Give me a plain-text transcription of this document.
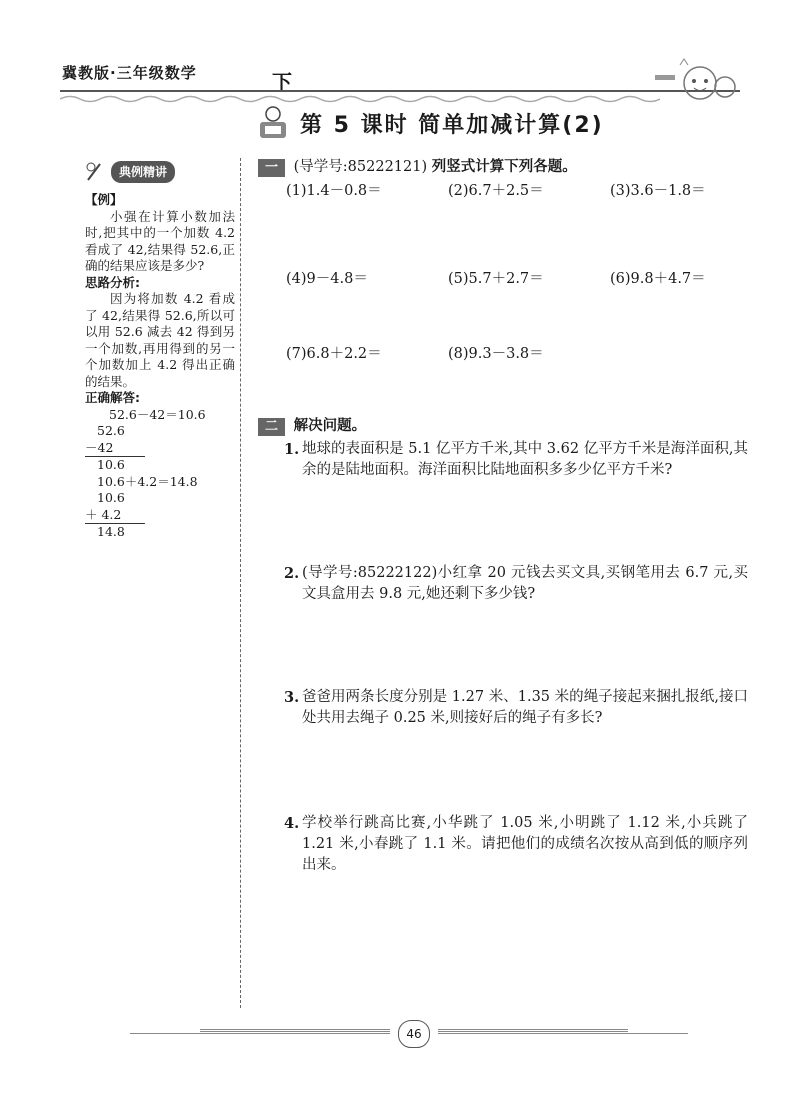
冀教版·三年级数学	下
第 5 课时 简单加减计算(2)
典例精讲

【例】

小强在计算小数加法时,把其中的一个加数 4.2 看成了 42,结果得 52.6,正确的结果应该是多少?

思路分析:

因为将加数 4.2 看成了 42,结果得 52.6,所以可以用 52.6 减去 42 得到另一个加数,再用得到的另一个加数加上 4.2 得出正确的结果。

正确解答:

52.6－42＝10.6

52.6

－42

10.6

10.6＋4.2＝14.8

10.6

＋ 4.2

14.8

一 (导学号:85222121) 列竖式计算下列各题。
(1)1.4－0.8＝	(2)6.7＋2.5＝	(3)3.6－1.8＝
(4)9－4.8＝	(5)5.7＋2.7＝	(6)9.8＋4.7＝
(7)6.8＋2.2＝	(8)9.3－3.8＝
二 解决问题。
1. 地球的表面积是 5.1 亿平方千米,其中 3.62 亿平方千米是海洋面积,其余的是陆地面积。海洋面积比陆地面积多多少亿平方千米?
2. (导学号:85222122)小红拿 20 元钱去买文具,买钢笔用去 6.7 元,买文具盒用去 9.8 元,她还剩下多少钱?
3. 爸爸用两条长度分别是 1.27 米、1.35 米的绳子接起来捆扎报纸,接口处共用去绳子 0.25 米,则接好后的绳子有多长?
4. 学校举行跳高比赛,小华跳了 1.05 米,小明跳了 1.12 米,小兵跳了 1.21 米,小春跳了 1.1 米。请把他们的成绩名次按从高到低的顺序列出来。
46
